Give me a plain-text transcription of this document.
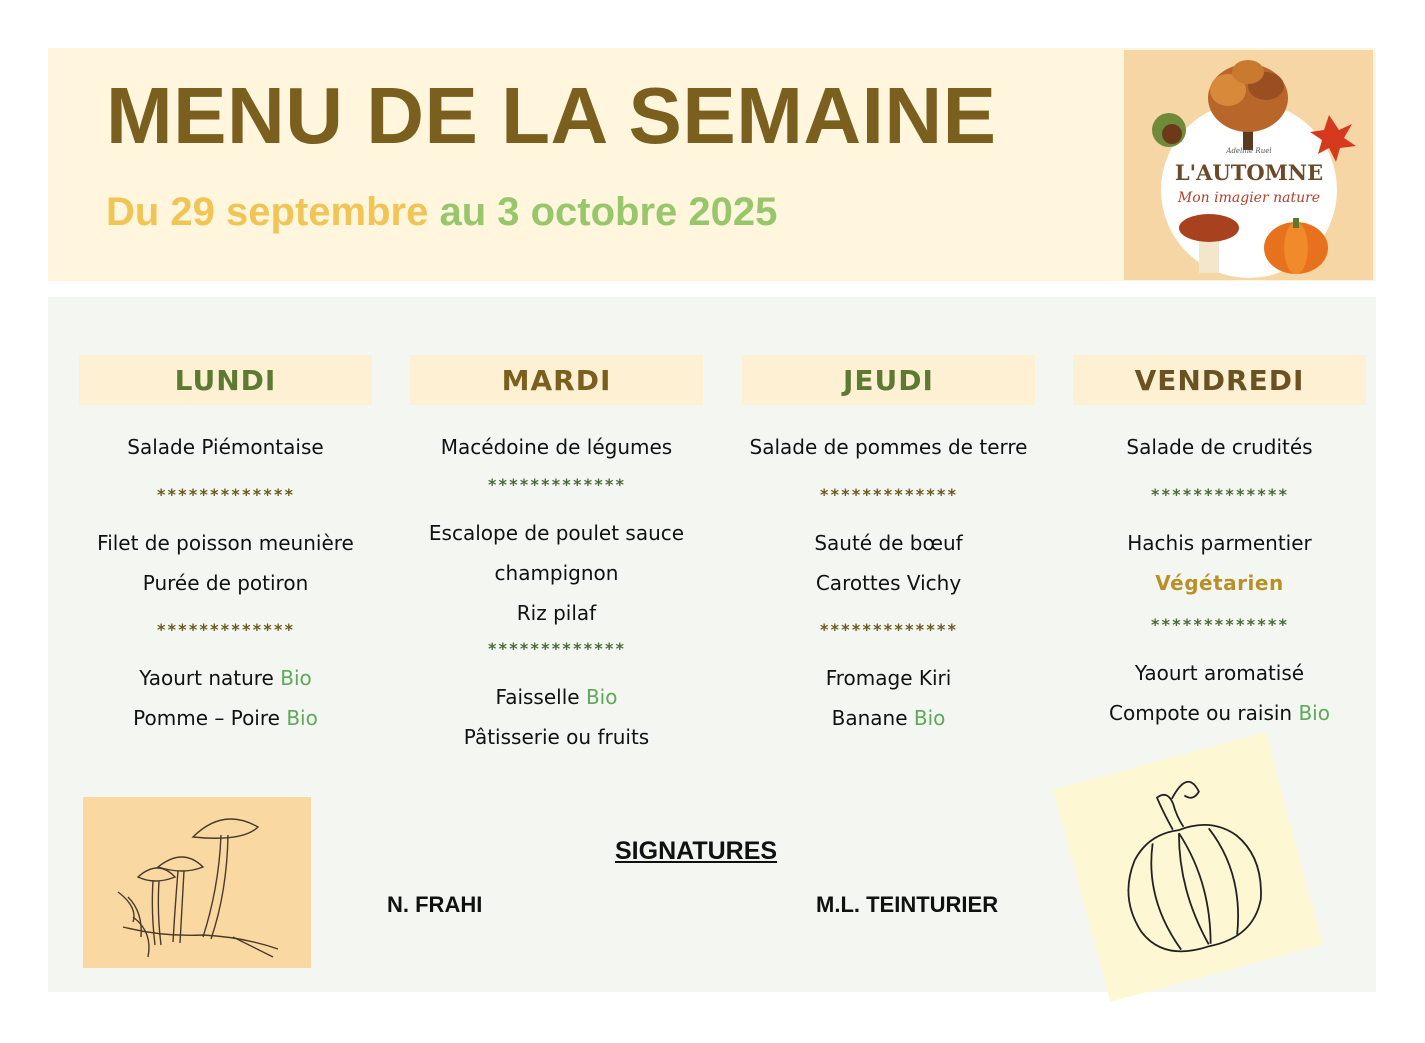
MENU DE LA SEMAINE
Du 29 septembre au 3 octobre 2025
Adeline Ruel
L'AUTOMNE
Mon imagier nature
LUNDI
Salade Piémontaise
*************
Filet de poisson meunière
Purée de potiron
*************
Yaourt nature Bio
Pomme – Poire Bio
MARDI
Macédoine de légumes
*************
Escalope de poulet sauce
champignon
Riz pilaf
*************
Faisselle Bio
Pâtisserie ou fruits
JEUDI
Salade de pommes de terre
*************
Sauté de bœuf
Carottes Vichy
*************
Fromage Kiri
Banane Bio
VENDREDI
Salade de crudités
*************
Hachis parmentier
Végétarien
*************
Yaourt aromatisé
Compote ou raisin Bio
SIGNATURES
N. FRAHI	M.L. TEINTURIER
